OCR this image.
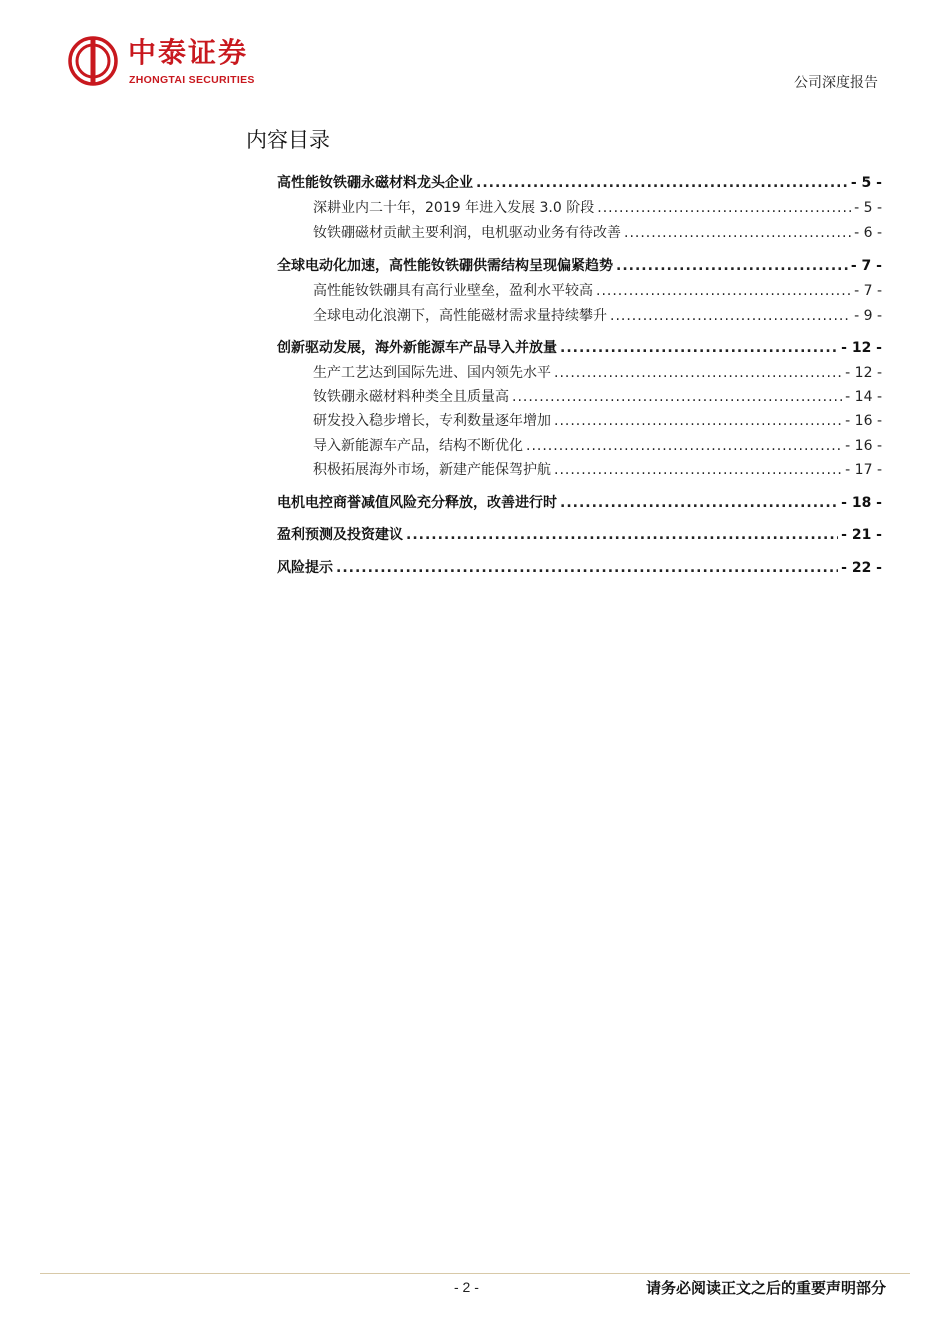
中泰证券
ZHONGTAI SECURITIES	公司深度报告
内容目录
高性能钕铁硼永磁材料龙头企业 .....	- 5 -
深耕业内二十年，2019 年进入发展 3.0 阶段 .....	- 5 -
钕铁硼磁材贡献主要利润，电机驱动业务有待改善 .....	- 6 -
全球电动化加速，高性能钕铁硼供需结构呈现偏紧趋势 .....	- 7 -
高性能钕铁硼具有高行业壁垒，盈利水平较高 .....	- 7 -
全球电动化浪潮下，高性能磁材需求量持续攀升 .....	- 9 -
创新驱动发展，海外新能源车产品导入并放量 .....	- 12 -
生产工艺达到国际先进、国内领先水平 .....	- 12 -
钕铁硼永磁材料种类全且质量高 .....	- 14 -
研发投入稳步增长，专利数量逐年增加 .....	- 16 -
导入新能源车产品，结构不断优化 .....	- 16 -
积极拓展海外市场，新建产能保驾护航 .....	- 17 -
电机电控商誉减值风险充分释放，改善进行时 .....	- 18 -
盈利预测及投资建议 .....	- 21 -
风险提示 .....	- 22 -
- 2 -	请务必阅读正文之后的重要声明部分
